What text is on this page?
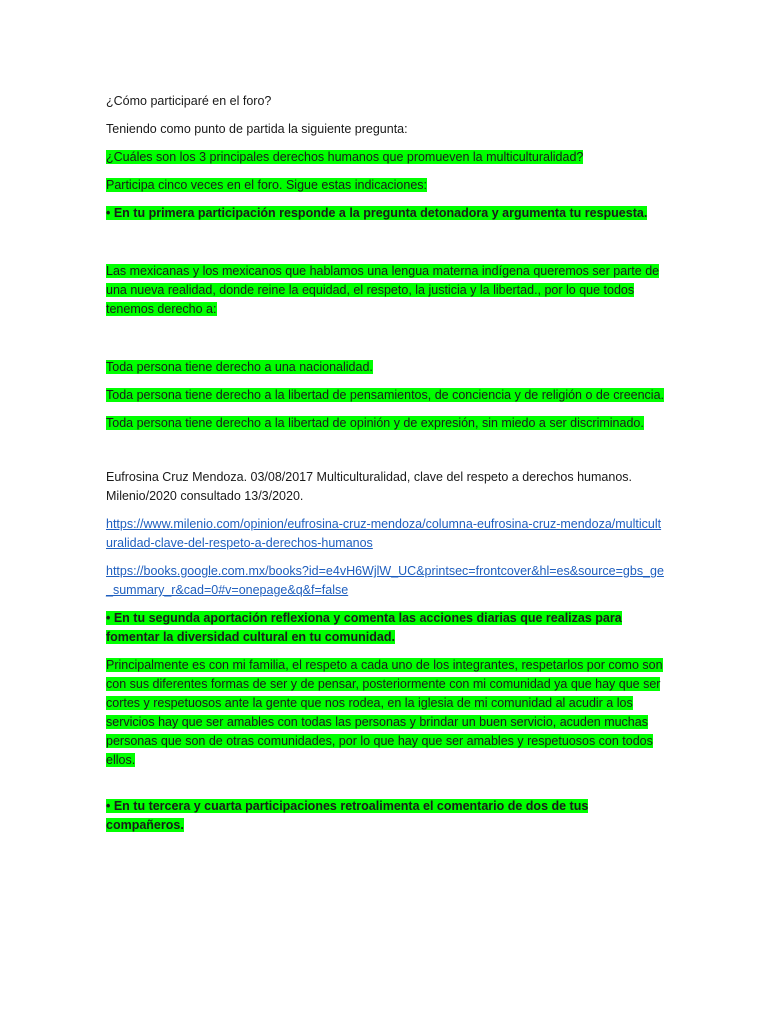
¿Cómo participaré en el foro?

Teniendo como punto de partida la siguiente pregunta:

¿Cuáles son los 3 principales derechos humanos que promueven la multiculturalidad?

Participa cinco veces en el foro. Sigue estas indicaciones:

• En tu primera participación responde a la pregunta detonadora y argumenta tu respuesta.

Las mexicanas y los mexicanos que hablamos una lengua materna indígena queremos ser parte de una nueva realidad, donde reine la equidad, el respeto, la justicia y la libertad., por lo que todos tenemos derecho a:

Toda persona tiene derecho a una nacionalidad.

Toda persona tiene derecho a la libertad de pensamientos, de conciencia y de religión o de creencia.

Toda persona tiene derecho a la libertad de opinión y de expresión, sin miedo a ser discriminado.

Eufrosina Cruz Mendoza. 03/08/2017 Multiculturalidad, clave del respeto a derechos humanos. Milenio/2020 consultado 13/3/2020.

https://www.milenio.com/opinion/eufrosina-cruz-mendoza/columna-eufrosina-cruz-mendoza/multiculturalidad-clave-del-respeto-a-derechos-humanos

https://books.google.com.mx/books?id=e4vH6WjlW_UC&printsec=frontcover&hl=es&source=gbs_ge_summary_r&cad=0#v=onepage&q&f=false

• En tu segunda aportación reflexiona y comenta las acciones diarias que realizas para fomentar la diversidad cultural en tu comunidad.

Principalmente es con mi familia, el respeto a cada uno de los integrantes, respetarlos por como son con sus diferentes formas de ser y de pensar, posteriormente con mi comunidad ya que hay que ser cortes y respetuosos ante la gente que nos rodea, en la iglesia de mi comunidad al acudir a los servicios hay que ser amables con todas las personas y brindar un buen servicio, acuden muchas personas que son de otras comunidades, por lo que hay que ser amables y respetuosos con todos ellos.

• En tu tercera y cuarta participaciones retroalimenta el comentario de dos de tus compañeros.
